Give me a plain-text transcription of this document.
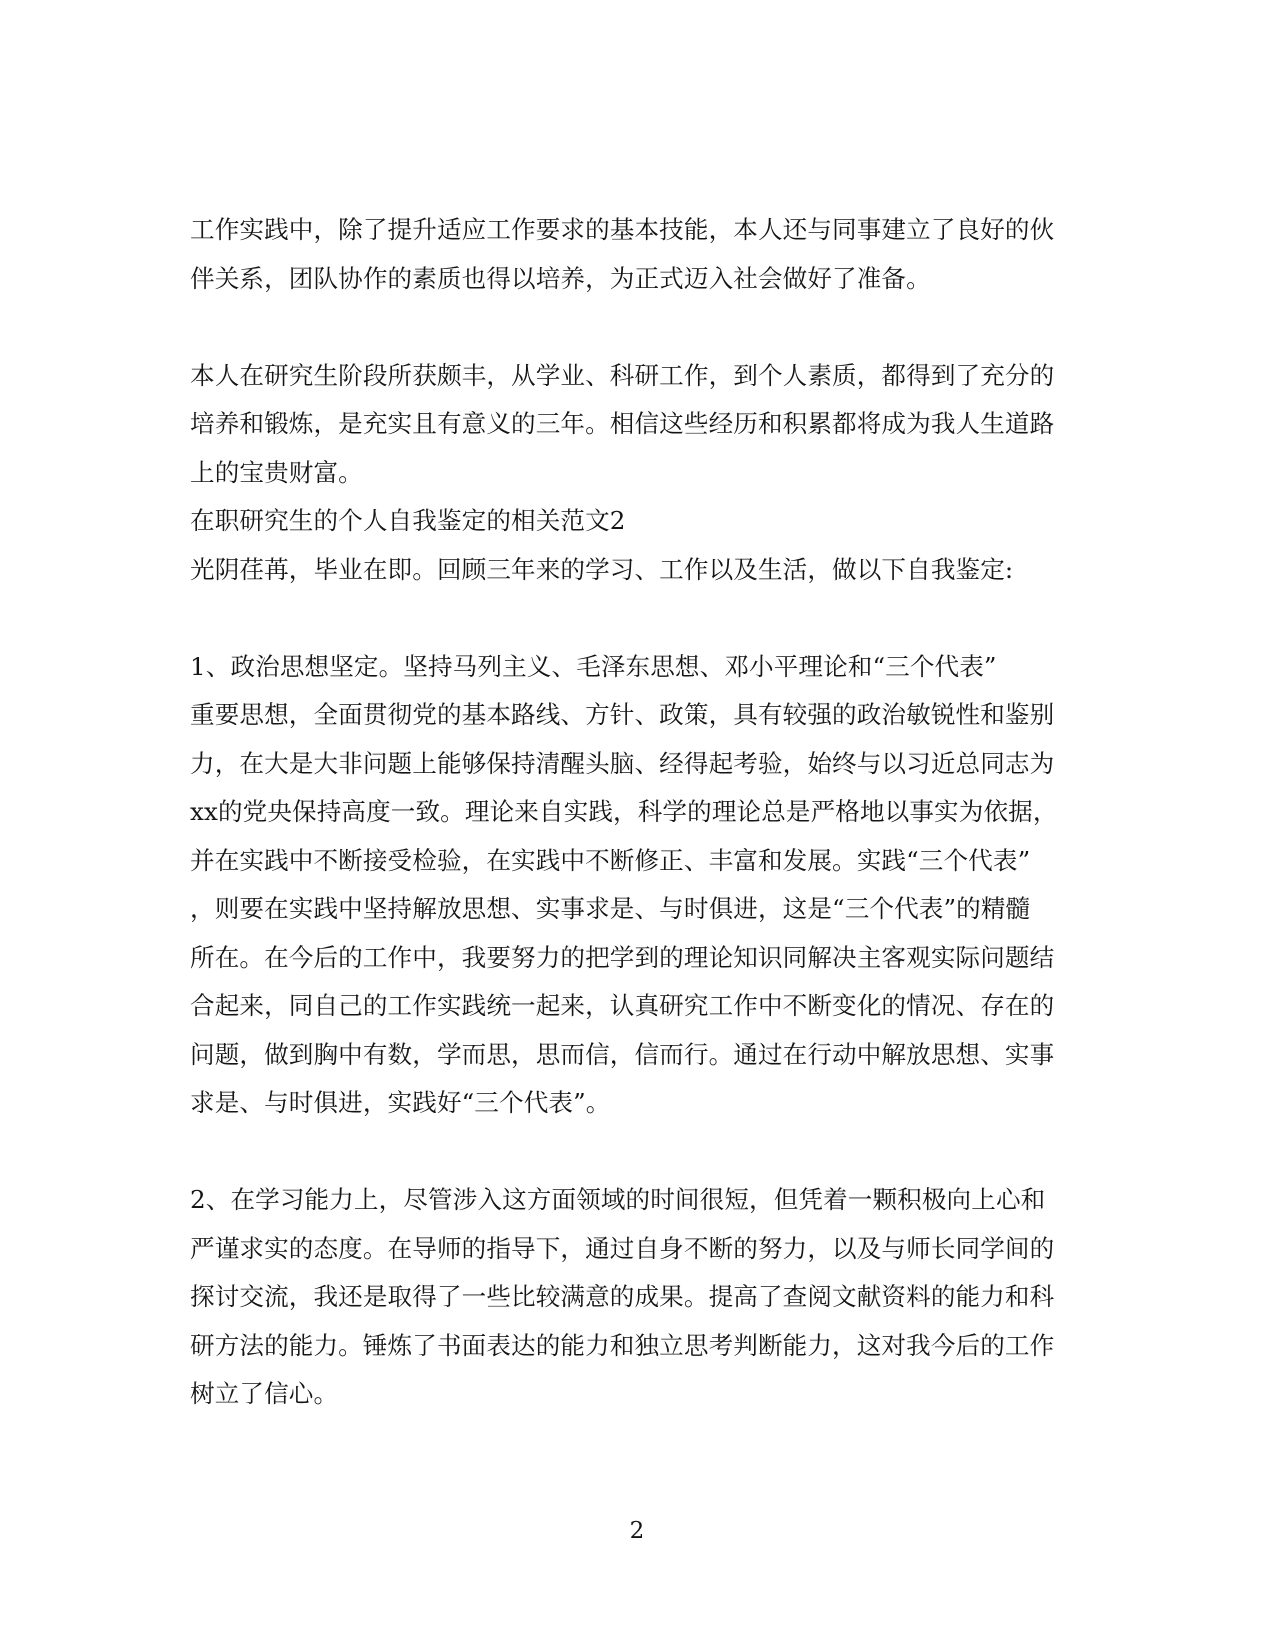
工作实践中，除了提升适应工作要求的基本技能，本人还与同事建立了良好的伙
伴关系，团队协作的素质也得以培养，为正式迈入社会做好了准备。

本人在研究生阶段所获颇丰，从学业、科研工作，到个人素质，都得到了充分的
培养和锻炼，是充实且有意义的三年。相信这些经历和积累都将成为我人生道路
上的宝贵财富。
在职研究生的个人自我鉴定的相关范文2
光阴荏苒，毕业在即。回顾三年来的学习、工作以及生活，做以下自我鉴定:

1、政治思想坚定。坚持马列主义、毛泽东思想、邓小平理论和“三个代表”
重要思想，全面贯彻党的基本路线、方针、政策，具有较强的政治敏锐性和鉴别
力，在大是大非问题上能够保持清醒头脑、经得起考验，始终与以习近总同志为
xx的党央保持高度一致。理论来自实践，科学的理论总是严格地以事实为依据，
并在实践中不断接受检验，在实践中不断修正、丰富和发展。实践“三个代表”
，则要在实践中坚持解放思想、实事求是、与时俱进，这是“三个代表”的精髓
所在。在今后的工作中，我要努力的把学到的理论知识同解决主客观实际问题结
合起来，同自己的工作实践统一起来，认真研究工作中不断变化的情况、存在的
问题，做到胸中有数，学而思，思而信，信而行。通过在行动中解放思想、实事
求是、与时俱进，实践好“三个代表”。

2、在学习能力上，尽管涉入这方面领域的时间很短，但凭着一颗积极向上心和
严谨求实的态度。在导师的指导下，通过自身不断的努力，以及与师长同学间的
探讨交流，我还是取得了一些比较满意的成果。提高了查阅文献资料的能力和科
研方法的能力。锤炼了书面表达的能力和独立思考判断能力，这对我今后的工作
树立了信心。
2
